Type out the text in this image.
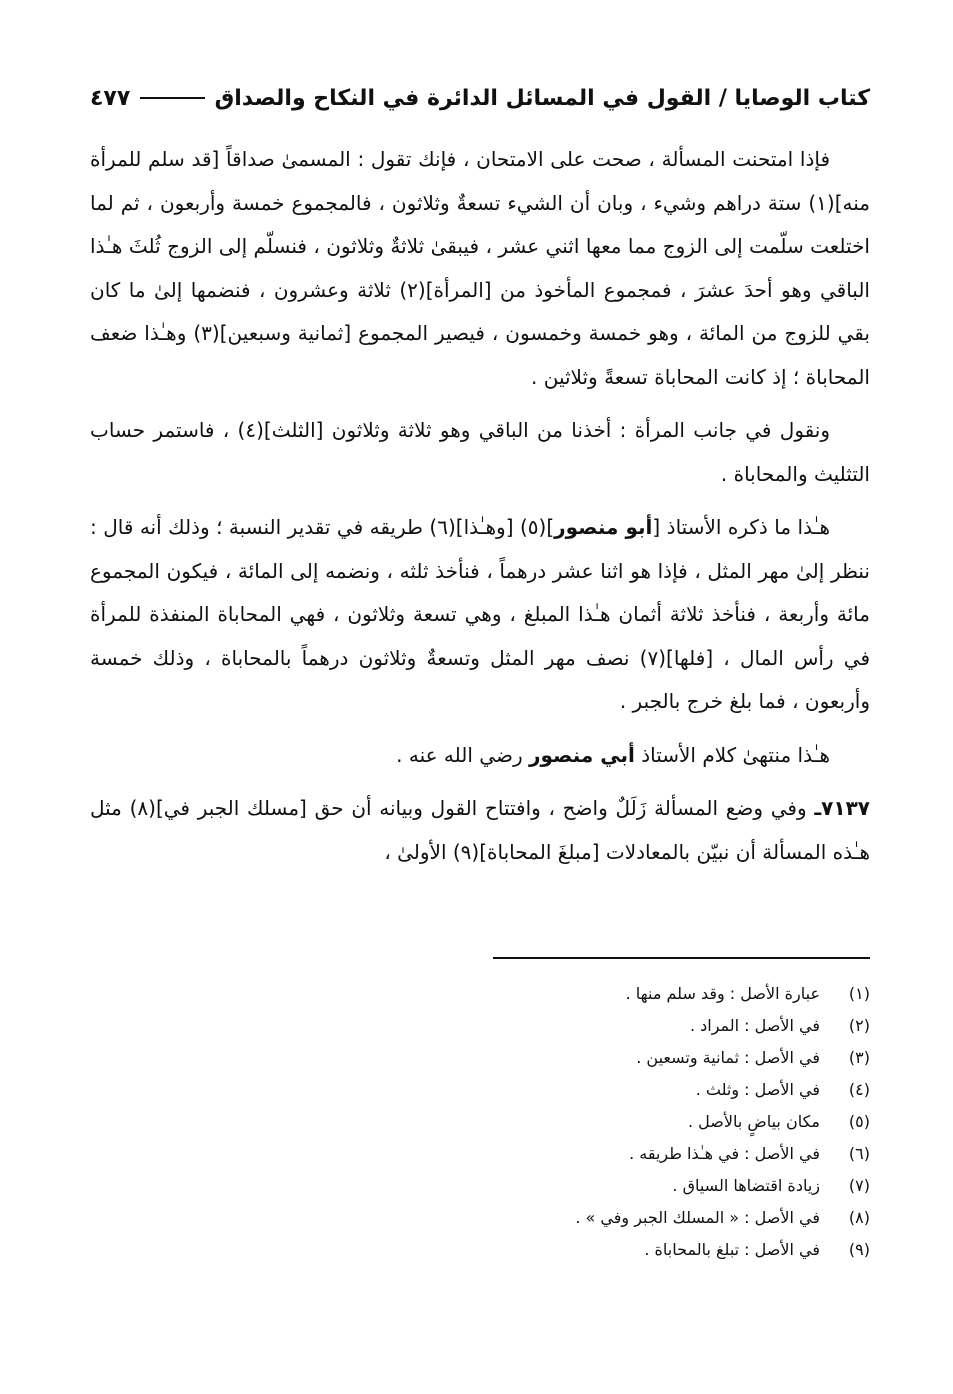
كتاب الوصايا / القول في المسائل الدائرة في النكاح والصداق
٤٧٧

فإذا امتحنت المسألة ، صحت على الامتحان ، فإنك تقول : المسمىٰ صداقاً [قد سلم للمرأة منه](١) ستة دراهم وشيء ، وبان أن الشيء تسعةٌ وثلاثون ، فالمجموع خمسة وأربعون ، ثم لما اختلعت سلّمت إلى الزوج مما معها اثني عشر ، فيبقىٰ ثلاثةٌ وثلاثون ، فنسلّم إلى الزوج ثُلثَ هـٰذا الباقي وهو أحدَ عشرَ ، فمجموع المأخوذ من [المرأة](٢) ثلاثة وعشرون ، فنضمها إلىٰ ما كان بقي للزوج من المائة ، وهو خمسة وخمسون ، فيصير المجموع [ثمانية وسبعين](٣) وهـٰذا ضعف المحاباة ؛ إذ كانت المحاباة تسعةً وثلاثين .

ونقول في جانب المرأة : أخذنا من الباقي وهو ثلاثة وثلاثون [الثلث](٤) ، فاستمر حساب التثليث والمحاباة .

هـٰذا ما ذكره الأستاذ [أبو منصور](٥) [وهـٰذا](٦) طريقه في تقدير النسبة ؛ وذلك أنه قال : ننظر إلىٰ مهر المثل ، فإذا هو اثنا عشر درهماً ، فنأخذ ثلثه ، ونضمه إلى المائة ، فيكون المجموع مائة وأربعة ، فنأخذ ثلاثة أثمان هـٰذا المبلغ ، وهي تسعة وثلاثون ، فهي المحاباة المنفذة للمرأة في رأس المال ، [فلها](٧) نصف مهر المثل وتسعةٌ وثلاثون درهماً بالمحاباة ، وذلك خمسة وأربعون ، فما بلغ خرج بالجبر .

هـٰذا منتهىٰ كلام الأستاذ أبي منصور رضي الله عنه .

٧١٣٧ـ وفي وضع المسألة زَلَلٌ واضح ، وافتتاح القول وبيانه أن حق [مسلك الجبر في](٨) مثل هـٰذه المسألة أن نبيّن بالمعادلات [مبلغَ المحاباة](٩) الأولىٰ ،

(١)
عبارة الأصل : وقد سلم منها .
(٢)
في الأصل : المراد .
(٣)
في الأصل : ثمانية وتسعين .
(٤)
في الأصل : وثلث .
(٥)
مكان بياضٍ بالأصل .
(٦)
في الأصل : في هـٰذا طريقه .
(٧)
زيادة اقتضاها السياق .
(٨)
في الأصل : « المسلك الجبر وفي » .
(٩)
في الأصل : تبلغ بالمحاباة .
